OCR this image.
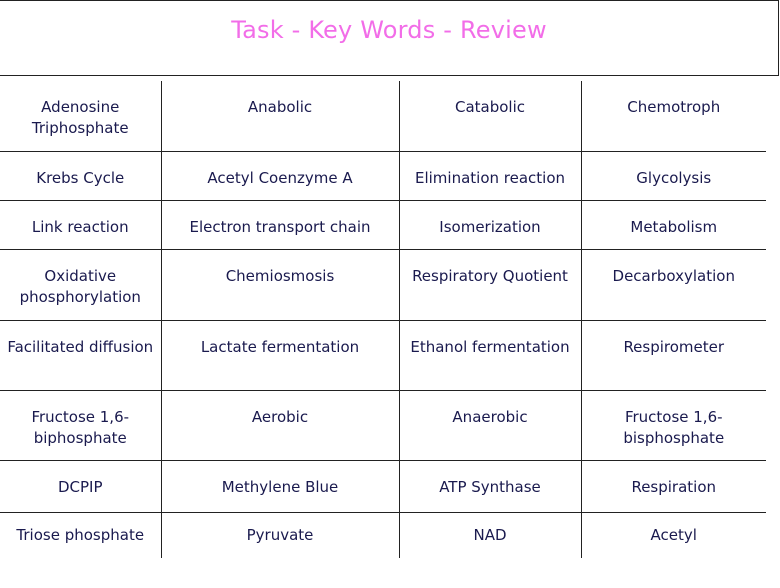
Task - Key Words - Review
Adenosine Triphosphate	Anabolic	Catabolic	Chemotroph
Krebs Cycle	Acetyl Coenzyme A	Elimination reaction	Glycolysis
Link reaction	Electron transport chain	Isomerization	Metabolism
Oxidative phosphorylation	Chemiosmosis	Respiratory Quotient	Decarboxylation
Facilitated diffusion	Lactate fermentation	Ethanol fermentation	Respirometer
Fructose 1,6-biphosphate	Aerobic	Anaerobic	Fructose 1,6-bisphosphate
DCPIP	Methylene Blue	ATP Synthase	Respiration
Triose phosphate	Pyruvate	NAD	Acetyl
